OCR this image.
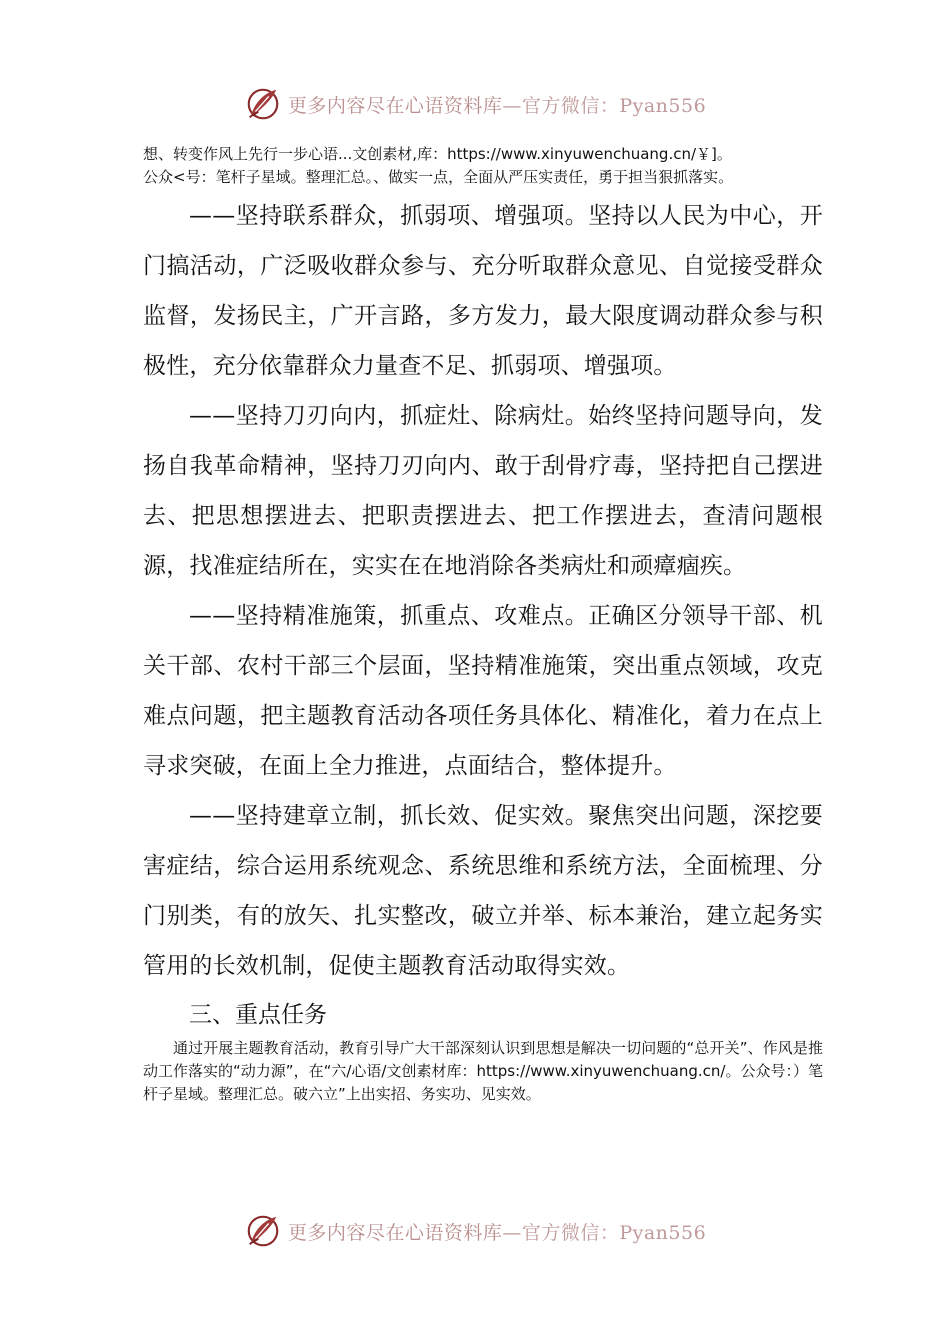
更多内容尽在心语资料库—官方微信：Pyan556

想、转变作风上先行一步心语...文创素材,库：https://www.xinyuwenchuang.cn/￥]。

公众<号：笔杆子星域。整理汇总。、做实一点，全面从严压实责任，勇于担当狠抓落实。

——坚持联系群众，抓弱项、增强项。坚持以人民为中心，开门搞活动，广泛吸收群众参与、充分听取群众意见、自觉接受群众监督，发扬民主，广开言路，多方发力，最大限度调动群众参与积极性，充分依靠群众力量查不足、抓弱项、增强项。

——坚持刀刃向内，抓症灶、除病灶。始终坚持问题导向，发扬自我革命精神，坚持刀刃向内、敢于刮骨疗毒，坚持把自己摆进去、把思想摆进去、把职责摆进去、把工作摆进去，查清问题根源，找准症结所在，实实在在地消除各类病灶和顽瘴痼疾。

——坚持精准施策，抓重点、攻难点。正确区分领导干部、机关干部、农村干部三个层面，坚持精准施策，突出重点领域，攻克难点问题，把主题教育活动各项任务具体化、精准化，着力在点上寻求突破，在面上全力推进，点面结合，整体提升。

——坚持建章立制，抓长效、促实效。聚焦突出问题，深挖要害症结，综合运用系统观念、系统思维和系统方法，全面梳理、分门别类，有的放矢、扎实整改，破立并举、标本兼治，建立起务实管用的长效机制，促使主题教育活动取得实效。

三、重点任务

通过开展主题教育活动，教育引导广大干部深刻认识到思想是解决一切问题的“总开关”、作风是推动工作落实的“动力源”，在“六/心语/文创素材库：https://www.xinyuwenchuang.cn/。公众号：）笔杆子星域。整理汇总。破六立”上出实招、务实功、见实效。

更多内容尽在心语资料库—官方微信：Pyan556
